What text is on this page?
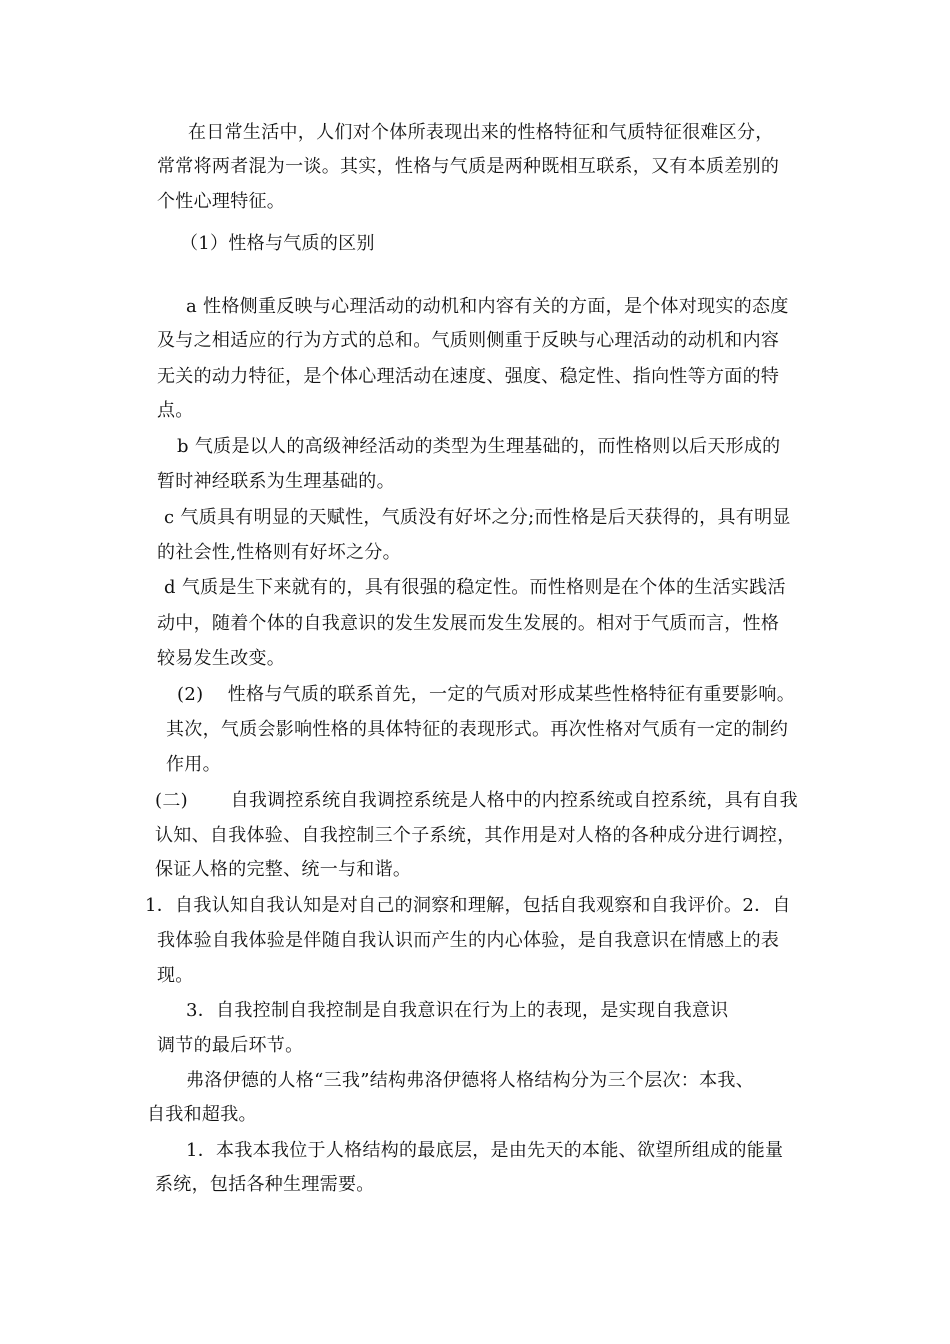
在日常生活中，人们对个体所表现出来的性格特征和气质特征很难区分，
常常将两者混为一谈。其实，性格与气质是两种既相互联系，又有本质差别的
个性心理特征。
（1）性格与气质的区别
a 性格侧重反映与心理活动的动机和内容有关的方面，是个体对现实的态度
及与之相适应的行为方式的总和。气质则侧重于反映与心理活动的动机和内容
无关的动力特征，是个体心理活动在速度、强度、稳定性、指向性等方面的特
点。
b 气质是以人的高级神经活动的类型为生理基础的，而性格则以后天形成的
暂时神经联系为生理基础的。
c 气质具有明显的天赋性，气质没有好坏之分;而性格是后天获得的，具有明显
的社会性,性格则有好坏之分。
d 气质是生下来就有的，具有很强的稳定性。而性格则是在个体的生活实践活
动中，随着个体的自我意识的发生发展而发生发展的。相对于气质而言，性格
较易发生改变。
(2)　 性格与气质的联系首先，一定的气质对形成某些性格特征有重要影响。
其次，气质会影响性格的具体特征的表现形式。再次性格对气质有一定的制约
作用。
(二)　　 自我调控系统自我调控系统是人格中的内控系统或自控系统，具有自我
认知、自我体验、自我控制三个子系统，其作用是对人格的各种成分进行调控，
保证人格的完整、统一与和谐。
1．自我认知自我认知是对自己的洞察和理解，包括自我观察和自我评价。2．自
我体验自我体验是伴随自我认识而产生的内心体验，是自我意识在情感上的表
现。
3．自我控制自我控制是自我意识在行为上的表现，是实现自我意识
调节的最后环节。
弗洛伊德的人格“三我”结构弗洛伊德将人格结构分为三个层次：本我、
自我和超我。
1．本我本我位于人格结构的最底层，是由先天的本能、欲望所组成的能量
系统，包括各种生理需要。
